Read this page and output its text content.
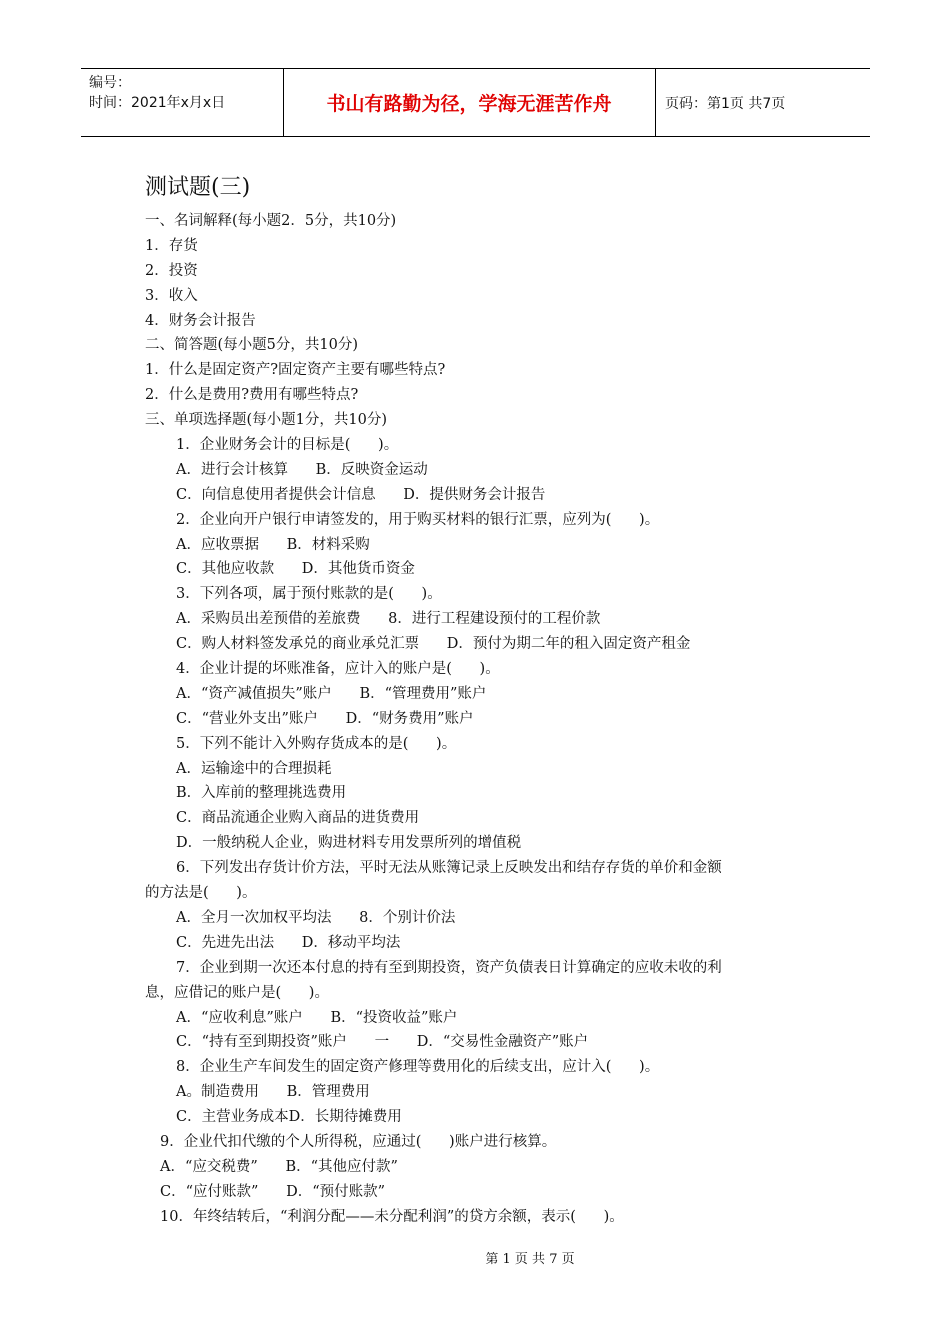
编号：
时间：2021年x月x日	书山有路勤为径，学海无涯苦作舟	页码：第1页 共7页
测试题(三)
一、名词解释(每小题2．5分，共10分)
1．存货
2．投资
3．收入
4．财务会计报告
二、简答题(每小题5分，共10分)
1．什么是固定资产?固定资产主要有哪些特点?
2．什么是费用?费用有哪些特点?
三、单项选择题(每小题1分，共10分)
1．企业财务会计的目标是(      )。
A．进行会计核算      B．反映资金运动
C．向信息使用者提供会计信息      D．提供财务会计报告
2．企业向开户银行申请签发的，用于购买材料的银行汇票，应列为(      )。
A．应收票据      B．材料采购
C．其他应收款      D．其他货币资金
3．下列各项，属于预付账款的是(      )。
A．采购员出差预借的差旅费      8．进行工程建设预付的工程价款
C．购人材料签发承兑的商业承兑汇票      D．预付为期二年的租入固定资产租金
4．企业计提的坏账准备，应计入的账户是(      )。
A．“资产减值损失”账户      B．“管理费用”账户
C．“营业外支出”账户      D．“财务费用”账户
5．下列不能计入外购存货成本的是(      )。
A．运输途中的合理损耗
B．入库前的整理挑选费用
C．商品流通企业购入商品的进货费用
D．一般纳税人企业，购进材料专用发票所列的增值税
6．下列发出存货计价方法，平时无法从账簿记录上反映发出和结存存货的单价和金额
的方法是(      )。
A．全月一次加权平均法      8．个别计价法
C．先进先出法      D．移动平均法
7．企业到期一次还本付息的持有至到期投资，资产负债表日计算确定的应收未收的利
息，应借记的账户是(      )。
A．“应收利息”账户      B．“投资收益”账户
C．“持有至到期投资”账户      一      D．“交易性金融资产”账户
8．企业生产车间发生的固定资产修理等费用化的后续支出，应计入(      )。
A。制造费用      B．管理费用
C．主营业务成本D．长期待摊费用
9．企业代扣代缴的个人所得税，应通过(      )账户进行核算。
A．“应交税费”      B．“其他应付款”
C．“应付账款”      D．“预付账款”
10．年终结转后，“利润分配——未分配利润”的贷方余额，表示(      )。
第 1 页 共 7 页
